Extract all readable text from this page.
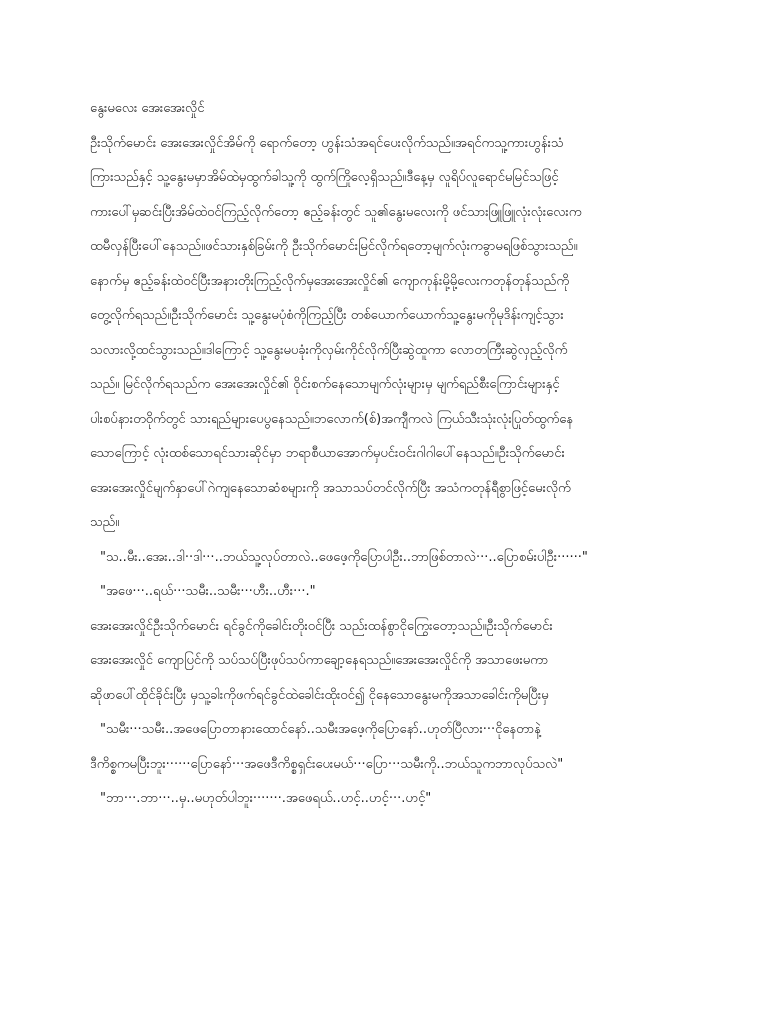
နွေးမလေး အေးအေးလှိုင်
ဦးသိုက်မောင်း အေးအေးလှိုင်အိမ်ကို ရောက်တော့ ဟွန်းသံအရင်ပေးလိုက်သည်။အရင်ကသူ့ကားဟွန်းသံ
ကြားသည်နှင့် သူ့နွေးမမှာအိမ်ထဲမှထွက်ခါသူ့ကို ထွက်ကြိုလေ့ရှိသည်။ဒီနေ့မှ လူရိပ်လူရောင်မမြင်သဖြင့်
ကားပေါ်မှဆင်းပြီးအိမ်ထဲဝင်ကြည့်လိုက်တော့ ဧည့်ခန်းတွင် သူ၏နွေးမလေးကို ဖင်သားဖြူဖြူလုံးလုံးလေးက
ထမီလှန်ပြီးပေါ်နေသည်။ဖင်သားနှစ်ခြမ်းကို ဦးသိုက်မောင်းမြင်လိုက်ရတော့မျက်လုံးကခွာမရဖြစ်သွားသည်။
နောက်မှ ဧည့်ခန်းထဲဝင်ပြီးအနားတိုးကြည့်လိုက်မှအေးအေးလှိုင်၏ ကျောကုန်းမို့မို့လေးကတုန်တုန်သည်ကို
တွေ့လိုက်ရသည်။ဦးသိုက်မောင်း သူ့နွေးမပုံစံကိုကြည့်ပြီး တစ်ယောက်ယောက်သူ့နွေးမကိုမုဒိန်းကျင့်သွား
သလားလို့ထင်သွားသည်။ဒါကြောင့် သူ့နွေးမပခုံးကိုလှမ်းကိုင်လိုက်ပြီးဆွဲထူကာ လောတကြီးဆွဲလှည့်လိုက်
သည်။ မြင်လိုက်ရသည်က အေးအေးလှိုင်၏ ဝိုင်းစက်နေသောမျက်လုံးများမှ မျက်ရည်စီးကြောင်းများနှင့်
ပါးစပ်နားတဝိုက်တွင် သားရည်များပေပွနေသည်။ဘလောက်(စ်)အကျီကလဲ ကြယ်သီးသုံးလုံးပြုတ်ထွက်နေ
သောကြောင့် လုံးထစ်သောရင်သားဆိုင်မှာ ဘရာစီယာအောက်မှပင်းဝင်းဂါဂါပေါ်နေသည်။ဦးသိုက်မောင်း
အေးအေးလှိုင်မျက်နှာပေါ်ဂဲကျနေသောဆံစများကို အသာသပ်တင်လိုက်ပြီး အသံကတုန်ရီစွာဖြင့်မေးလိုက်
သည်။
"သ..မီး..အေး..ဒါ··ဒါ···..ဘယ်သူ့လုပ်တာလဲ..ဖေဖေ့ကိုပြောပါဦး..ဘာဖြစ်တာလဲ···..ပြောစမ်းပါဦး······"
"အဖေ···..ရယ်···သမီး..သမီး···ဟီး..ဟီး···."
အေးအေးလှိုင်ဦးသိုက်မောင်း ရင်ခွင်ကိုခေါင်းတိုးဝင်ပြီး သည်းထန်စွာငိုကြွေးတော့သည်။ဦးသိုက်မောင်း
အေးအေးလှိုင် ကျောပြင်ကို သပ်သပ်ပြီးဖုပ်သပ်ကာချော့နေရသည်။အေးအေးလှိုင်ကို အသာဖေးမကာ
ဆိုဖာပေါ်ထိုင်ခိုင်းပြီး မှသူ့ခါးကိုဖက်ရင်ခွင်ထဲခေါင်းထိုးဝင်၍ ငိုနေသောနွေးမကိုအသာခေါင်းကိုမပြီးမှ
"သမီး···သမီး..အဖေပြောတာနားထောင်နော်..သမီးအဖေ့ကိုပြောနော်..ဟုတ်ပြီလား···ငိုနေတာနဲ့
ဒီကိစ္စကမပြီးဘူး······ပြောနော်···အဖေဒီကိစ္စရှင်းပေးမယ်···ပြော···သမီးကို..ဘယ်သူကဘာလုပ်သလဲ"
"ဘာ···.ဘာ···..မှ..မဟုတ်ပါဘူး·······.အဖေရယ်..ဟင့်..ဟင့်···.ဟင့်"
